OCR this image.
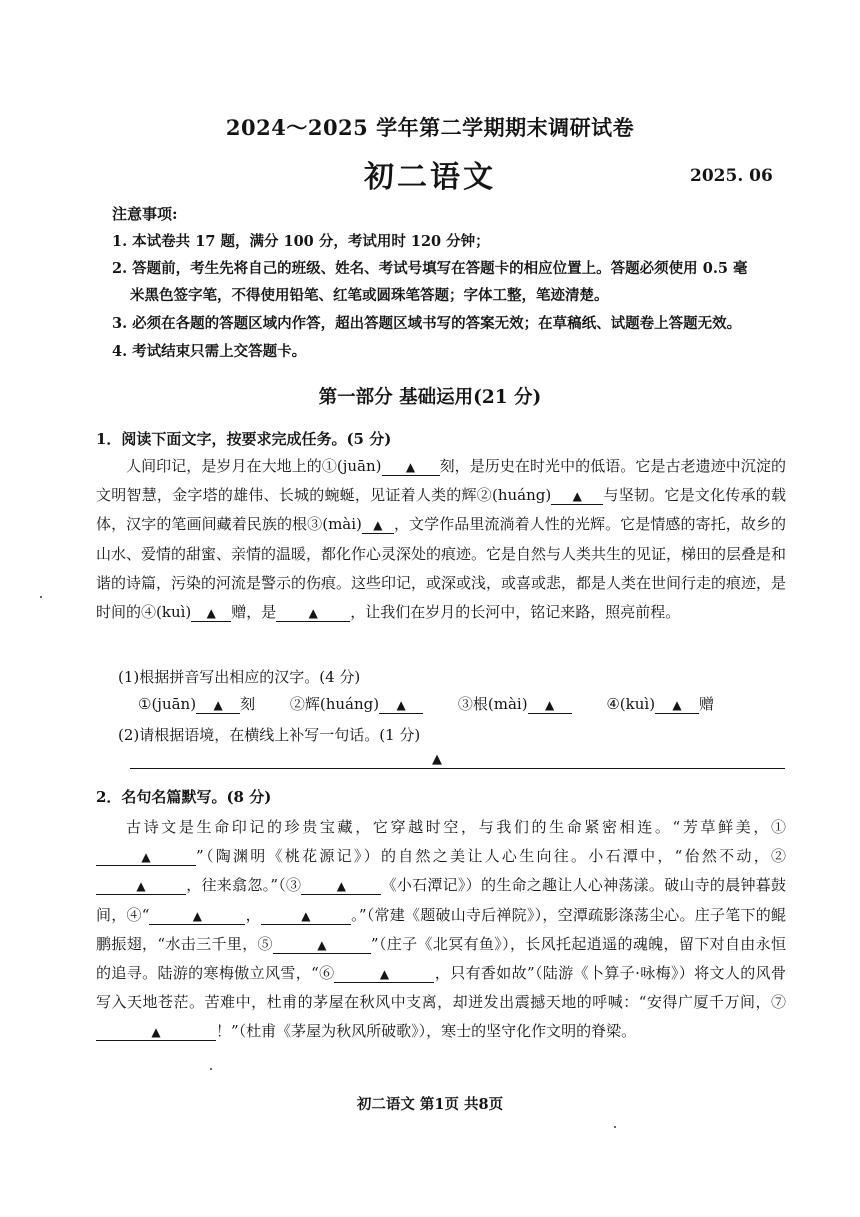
2024～2025 学年第二学期期末调研试卷
初二语文	2025. 06
注意事项:
1. 本试卷共 17 题，满分 100 分，考试用时 120 分钟；
2. 答题前，考生先将自己的班级、姓名、考试号填写在答题卡的相应位置上。答题必须使用 0.5 毫
米黑色签字笔，不得使用铅笔、红笔或圆珠笔答题；字体工整，笔迹清楚。
3. 必须在各题的答题区域内作答，超出答题区域书写的答案无效；在草稿纸、试题卷上答题无效。
4. 考试结束只需上交答题卡。
第一部分 基础运用(21 分)
1．阅读下面文字，按要求完成任务。(5 分)

人间印记，是岁月在大地上的①(juān) ▲ 刻，是历史在时光中的低语。它是古老遗迹中沉淀的文明智慧，金字塔的雄伟、长城的蜿蜒，见证着人类的辉②(huáng) ▲ 与坚韧。它是文化传承的载体，汉字的笔画间藏着民族的根③(mài) ▲ ，文学作品里流淌着人性的光辉。它是情感的寄托，故乡的山水、爱情的甜蜜、亲情的温暖，都化作心灵深处的痕迹。它是自然与人类共生的见证，梯田的层叠是和谐的诗篇，污染的河流是警示的伤痕。这些印记，或深或浅，或喜或悲，都是人类在世间行走的痕迹，是时间的④(kuì) ▲ 赠，是	▲ ，让我们在岁月的长河中，铭记来路，照亮前程。

(1)根据拼音写出相应的汉字。(4 分)
①(juān) ▲ 刻 ②辉(huáng) ▲	③根(mài) ▲	④(kuì) ▲ 赠
(2)请根据语境，在横线上补写一句话。(1 分)
▲
2．名句名篇默写。(8 分)

古诗文是生命印记的珍贵宝藏，它穿越时空，与我们的生命紧密相连。“芳草鲜美，①▲	”（陶渊明《桃花源记》）的自然之美让人心生向往。小石潭中，“佁然不动，②▲	，往来翕忽。”（③	▲ 《小石潭记》）的生命之趣让人心神荡漾。破山寺的晨钟暮鼓间，④“	▲	，	▲	。”（常建《题破山寺后禅院》），空潭疏影涤荡尘心。庄子笔下的鲲鹏振翅，“水击三千里，⑤	▲	”（庄子《北冥有鱼》），长风托起逍遥的魂魄，留下对自由永恒的追寻。陆游的寒梅傲立风雪，“⑥	▲	，只有香如故”（陆游《卜算子·咏梅》）将文人的风骨写入天地苍茫。苦难中，杜甫的茅屋在秋风中支离，却迸发出震撼天地的呼喊：“安得广厦千万间，⑦▲	！”（杜甫《茅屋为秋风所破歌》），寒士的坚守化作文明的脊梁。

初二语文 第1页 共8页
